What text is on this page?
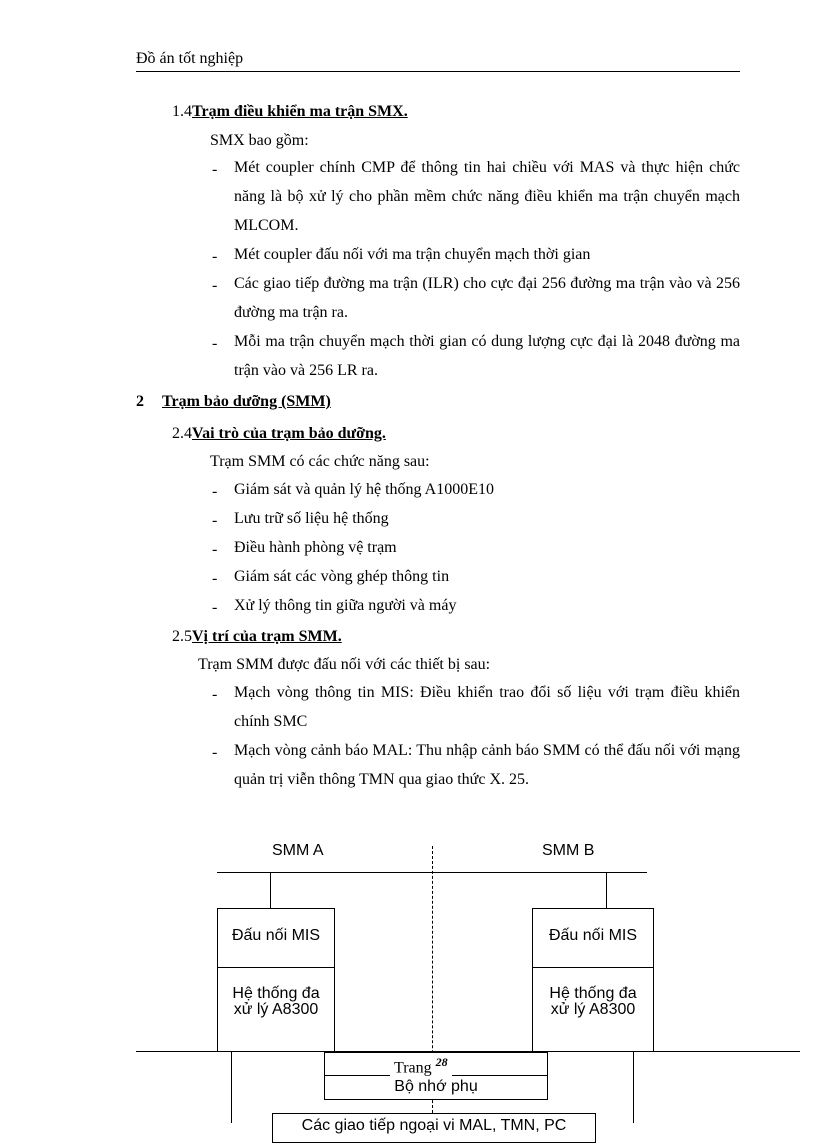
Đồ án tốt nghiệp
1.4Trạm điều khiển ma trận SMX.
SMX bao gồm:
- Mét coupler chính CMP để thông tin hai chiều với MAS và thực hiện chức năng là bộ xử lý cho phần mềm chức năng điều khiển ma trận chuyển mạch MLCOM.
- Mét coupler đấu nối với ma trận chuyển mạch thời gian
- Các giao tiếp đường ma trận (ILR) cho cực đại 256 đường ma trận vào và 256 đường ma trận ra.
- Mỗi ma trận chuyển mạch thời gian có dung lượng cực đại là 2048 đường ma trận vào và 256 LR ra.
2 Trạm bảo dưỡng (SMM)
2.4Vai trò của trạm bảo dưỡng.
Trạm SMM có các chức năng sau:
- Giám sát và quản lý hệ thống A1000E10
- Lưu trữ số liệu hệ thống
- Điều hành phòng vệ trạm
- Giám sát các vòng ghép thông tin
- Xử lý thông tin giữa người và máy
2.5Vị trí của trạm SMM.
Trạm SMM được đấu nối với các thiết bị sau:
- Mạch vòng thông tin MIS: Điều khiển trao đổi số liệu với trạm điều khiển chính SMC
- Mạch vòng cảnh báo MAL: Thu nhập cảnh báo SMM có thể đấu nối với mạng quản trị viễn thông TMN qua giao thức X. 25.
SMM A	SMM B
Đấu nối MIS
Hệ thống đa xử lý A8300
Đấu nối MIS
Hệ thống đa xử lý A8300
Bộ nhớ phụ
Các giao tiếp ngoại vi MAL, TMN, PC
Trang $^{28}$
